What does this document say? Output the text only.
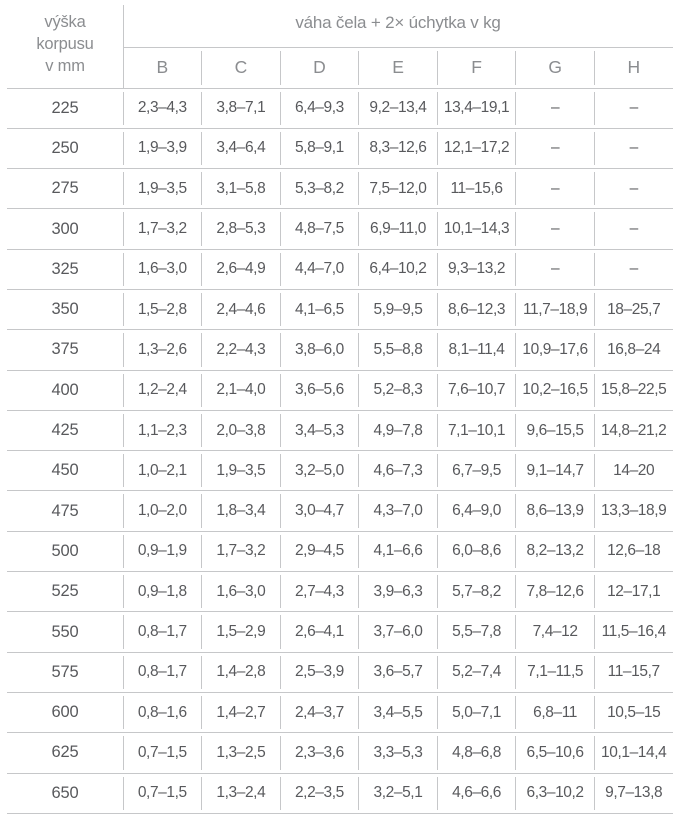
výška
korpusu
v mm	váha čela + 2× úchytka v kg						
	B	C	D	E	F	G	H
225	2,3–4,3	3,8–7,1	6,4–9,3	9,2–13,4	13,4–19,1	–	–
250	1,9–3,9	3,4–6,4	5,8–9,1	8,3–12,6	12,1–17,2	–	–
275	1,9–3,5	3,1–5,8	5,3–8,2	7,5–12,0	11–15,6	–	–
300	1,7–3,2	2,8–5,3	4,8–7,5	6,9–11,0	10,1–14,3	–	–
325	1,6–3,0	2,6–4,9	4,4–7,0	6,4–10,2	9,3–13,2	–	–
350	1,5–2,8	2,4–4,6	4,1–6,5	5,9–9,5	8,6–12,3	11,7–18,9	18–25,7
375	1,3–2,6	2,2–4,3	3,8–6,0	5,5–8,8	8,1–11,4	10,9–17,6	16,8–24
400	1,2–2,4	2,1–4,0	3,6–5,6	5,2–8,3	7,6–10,7	10,2–16,5	15,8–22,5
425	1,1–2,3	2,0–3,8	3,4–5,3	4,9–7,8	7,1–10,1	9,6–15,5	14,8–21,2
450	1,0–2,1	1,9–3,5	3,2–5,0	4,6–7,3	6,7–9,5	9,1–14,7	14–20
475	1,0–2,0	1,8–3,4	3,0–4,7	4,3–7,0	6,4–9,0	8,6–13,9	13,3–18,9
500	0,9–1,9	1,7–3,2	2,9–4,5	4,1–6,6	6,0–8,6	8,2–13,2	12,6–18
525	0,9–1,8	1,6–3,0	2,7–4,3	3,9–6,3	5,7–8,2	7,8–12,6	12–17,1
550	0,8–1,7	1,5–2,9	2,6–4,1	3,7–6,0	5,5–7,8	7,4–12	11,5–16,4
575	0,8–1,7	1,4–2,8	2,5–3,9	3,6–5,7	5,2–7,4	7,1–11,5	11–15,7
600	0,8–1,6	1,4–2,7	2,4–3,7	3,4–5,5	5,0–7,1	6,8–11	10,5–15
625	0,7–1,5	1,3–2,5	2,3–3,6	3,3–5,3	4,8–6,8	6,5–10,6	10,1–14,4
650	0,7–1,5	1,3–2,4	2,2–3,5	3,2–5,1	4,6–6,6	6,3–10,2	9,7–13,8
